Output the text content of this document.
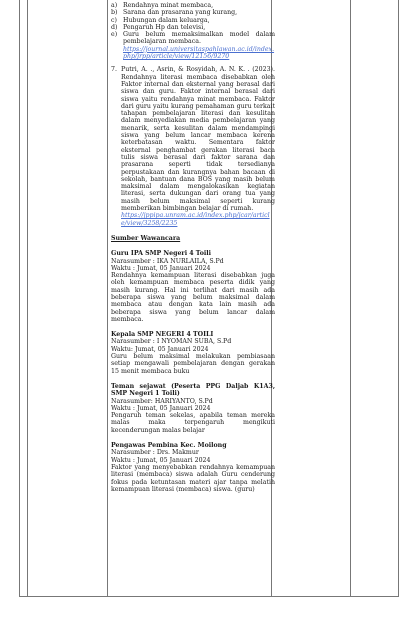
a) Rendahnya minat membaca,
b) Sarana dan prasarana yang kurang,
c) Hubungan dalam keluarga,
d) Pengaruh Hp dan televisi,
e) Guru belum memaksimalkan model dalam pembelajaran membaca.
https://journal.universitaspahlawan.ac.id/index.php/jrpp/article/view/12156/9270
7. Putri, A. ., Asrin, & Rosyidah, A. N. K. . (2023). Rendahnya literasi membaca disebabkan oleh Faktor internal dan eksternal yang berasal dari siswa dan guru. Faktor internal berasal dari siswa yaitu rendahnya minat membaca. Faktor dari guru yaitu kurang pemahaman guru terkait tahapan pembelajaran literasi dan kesulitan dalam menyediakan media pembelajaran yang menarik, serta kesulitan dalam mendampingi siswa yang belum lancar membaca kerena keterbatasan waktu. Sementara faktor eksternal penghambat gerakan literasi baca tulis siswa berasal dari faktor sarana dan prasarana seperti tidak tersedianya perpustakaan dan kurangnya bahan bacaan di sekolah, bantuan dana BOS yang masih belum maksimal dalam mengalokasikan kegiatan literasi, serta dukungan dari orang tua yang masih belum maksimal seperti kurang memberikan bimbingan belajar di rumah.
https://jppipa.unram.ac.id/index.php/jcar/article/view/3258/2235
Sumber Wawancara
Guru IPA SMP Negeri 4 Toili
Narasumber : IKA NURLAILA, S.Pd
Waktu : Jumat, 05 Januari 2024
Rendahnya kemampuan literasi disebabkan juga oleh kemampuan membaca peserta didik yang masih kurang. Hal ini terlihat dari masih ada beberapa siswa yang belum maksimal dalam membaca atau dengan kata lain masih ada beberapa siswa yang belum lancar dalam membaca.
Kepala SMP NEGERI 4 TOILI
Narasumber : I NYOMAN SUBA, S.Pd
Waktu: Jumat, 05 Januari 2024
Guru belum maksimal melakukan pembiasaan setiap mengawali pembelajaran dengan gerakan 15 menit membaca buku
Teman sejawat (Peserta PPG Daljab K1A3, SMP Negeri 1 Toili)
Narasumber: HARIYANTO, S.Pd
Waktu : Jumat, 05 Januari 2024
Pengaruh teman sekelas, apabila teman mereka malas maka terpengaruh mengikuti kecenderungan malas belajar
Pengawas Pembina Kec. Moilong
Narasumber : Drs. Makmur
Waktu : Jumat, 05 Januari 2024
Faktor yang menyebabkan rendahnya kemampuan literasi (membaca) siswa adalah Guru cenderung fokus pada ketuntasan materi ajar tanpa melatih kemampuan literasi (membaca) siswa. (guru)
